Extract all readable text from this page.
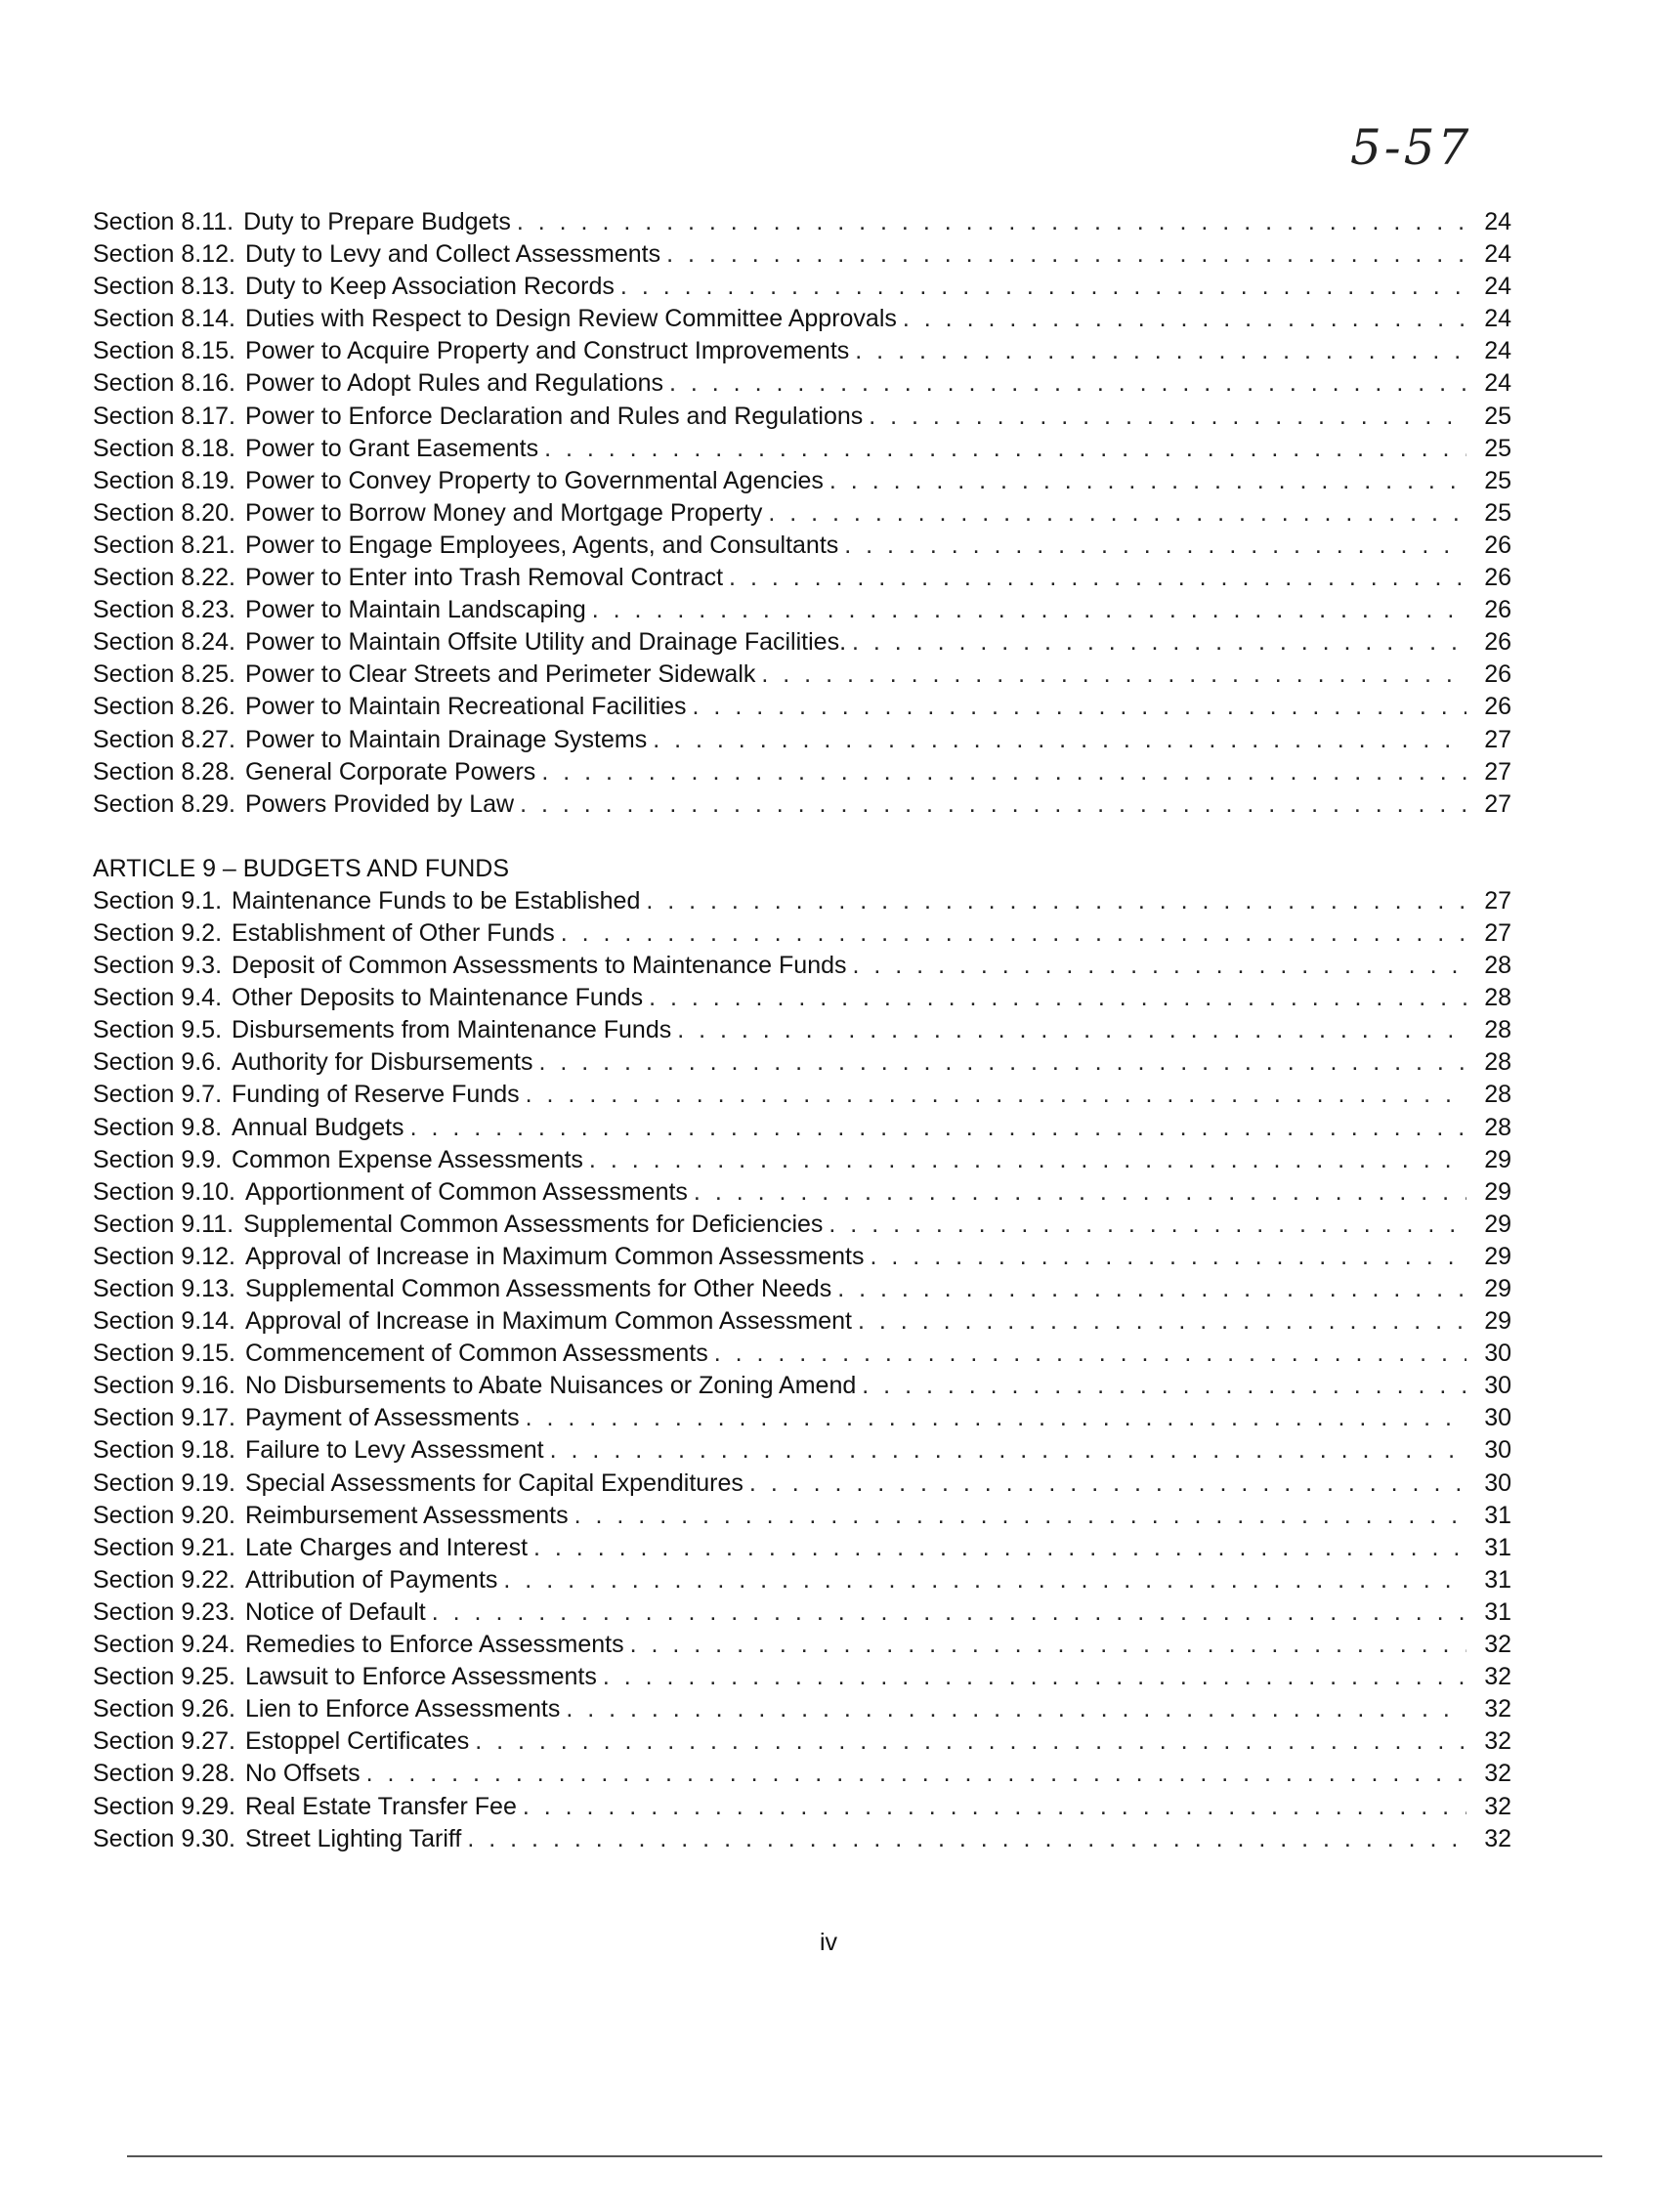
5-57
Section 8.11. Duty to Prepare Budgets . . .	24
Section 8.12. Duty to Levy and Collect Assessments . . .	24
Section 8.13. Duty to Keep Association Records . . .	24
Section 8.14. Duties with Respect to Design Review Committee Approvals . . .	24
Section 8.15. Power to Acquire Property and Construct Improvements . . .	24
Section 8.16. Power to Adopt Rules and Regulations . . .	24
Section 8.17. Power to Enforce Declaration and Rules and Regulations . . .	25
Section 8.18. Power to Grant Easements . . .	25
Section 8.19. Power to Convey Property to Governmental Agencies . . .	25
Section 8.20. Power to Borrow Money and Mortgage Property . . .	25
Section 8.21. Power to Engage Employees, Agents, and Consultants . . .	26
Section 8.22. Power to Enter into Trash Removal Contract . . .	26
Section 8.23. Power to Maintain Landscaping . . .	26
Section 8.24. Power to Maintain Offsite Utility and Drainage Facilities. . . .	26
Section 8.25. Power to Clear Streets and Perimeter Sidewalk . . .	26
Section 8.26. Power to Maintain Recreational Facilities . . .	26
Section 8.27. Power to Maintain Drainage Systems . . .	27
Section 8.28. General Corporate Powers . . .	27
Section 8.29. Powers Provided by Law . . .	27
ARTICLE 9 – BUDGETS AND FUNDS
Section 9.1. Maintenance Funds to be Established . . .	27
Section 9.2. Establishment of Other Funds . . .	27
Section 9.3. Deposit of Common Assessments to Maintenance Funds . . .	28
Section 9.4. Other Deposits to Maintenance Funds . . .	28
Section 9.5. Disbursements from Maintenance Funds . . .	28
Section 9.6. Authority for Disbursements . . .	28
Section 9.7. Funding of Reserve Funds . . .	28
Section 9.8. Annual Budgets . . .	28
Section 9.9. Common Expense Assessments . . .	29
Section 9.10. Apportionment of Common Assessments . . .	29
Section 9.11. Supplemental Common Assessments for Deficiencies . . .	29
Section 9.12. Approval of Increase in Maximum Common Assessments . . .	29
Section 9.13. Supplemental Common Assessments for Other Needs . . .	29
Section 9.14. Approval of Increase in Maximum Common Assessment . . .	29
Section 9.15. Commencement of Common Assessments . . .	30
Section 9.16. No Disbursements to Abate Nuisances or Zoning Amend . . .	30
Section 9.17. Payment of Assessments . . .	30
Section 9.18. Failure to Levy Assessment . . .	30
Section 9.19. Special Assessments for Capital Expenditures . . .	30
Section 9.20. Reimbursement Assessments . . .	31
Section 9.21. Late Charges and Interest . . .	31
Section 9.22. Attribution of Payments . . .	31
Section 9.23. Notice of Default . . .	31
Section 9.24. Remedies to Enforce Assessments . . .	32
Section 9.25. Lawsuit to Enforce Assessments . . .	32
Section 9.26. Lien to Enforce Assessments . . .	32
Section 9.27. Estoppel Certificates . . .	32
Section 9.28. No Offsets . . .	32
Section 9.29. Real Estate Transfer Fee . . .	32
Section 9.30. Street Lighting Tariff . . .	32
iv
